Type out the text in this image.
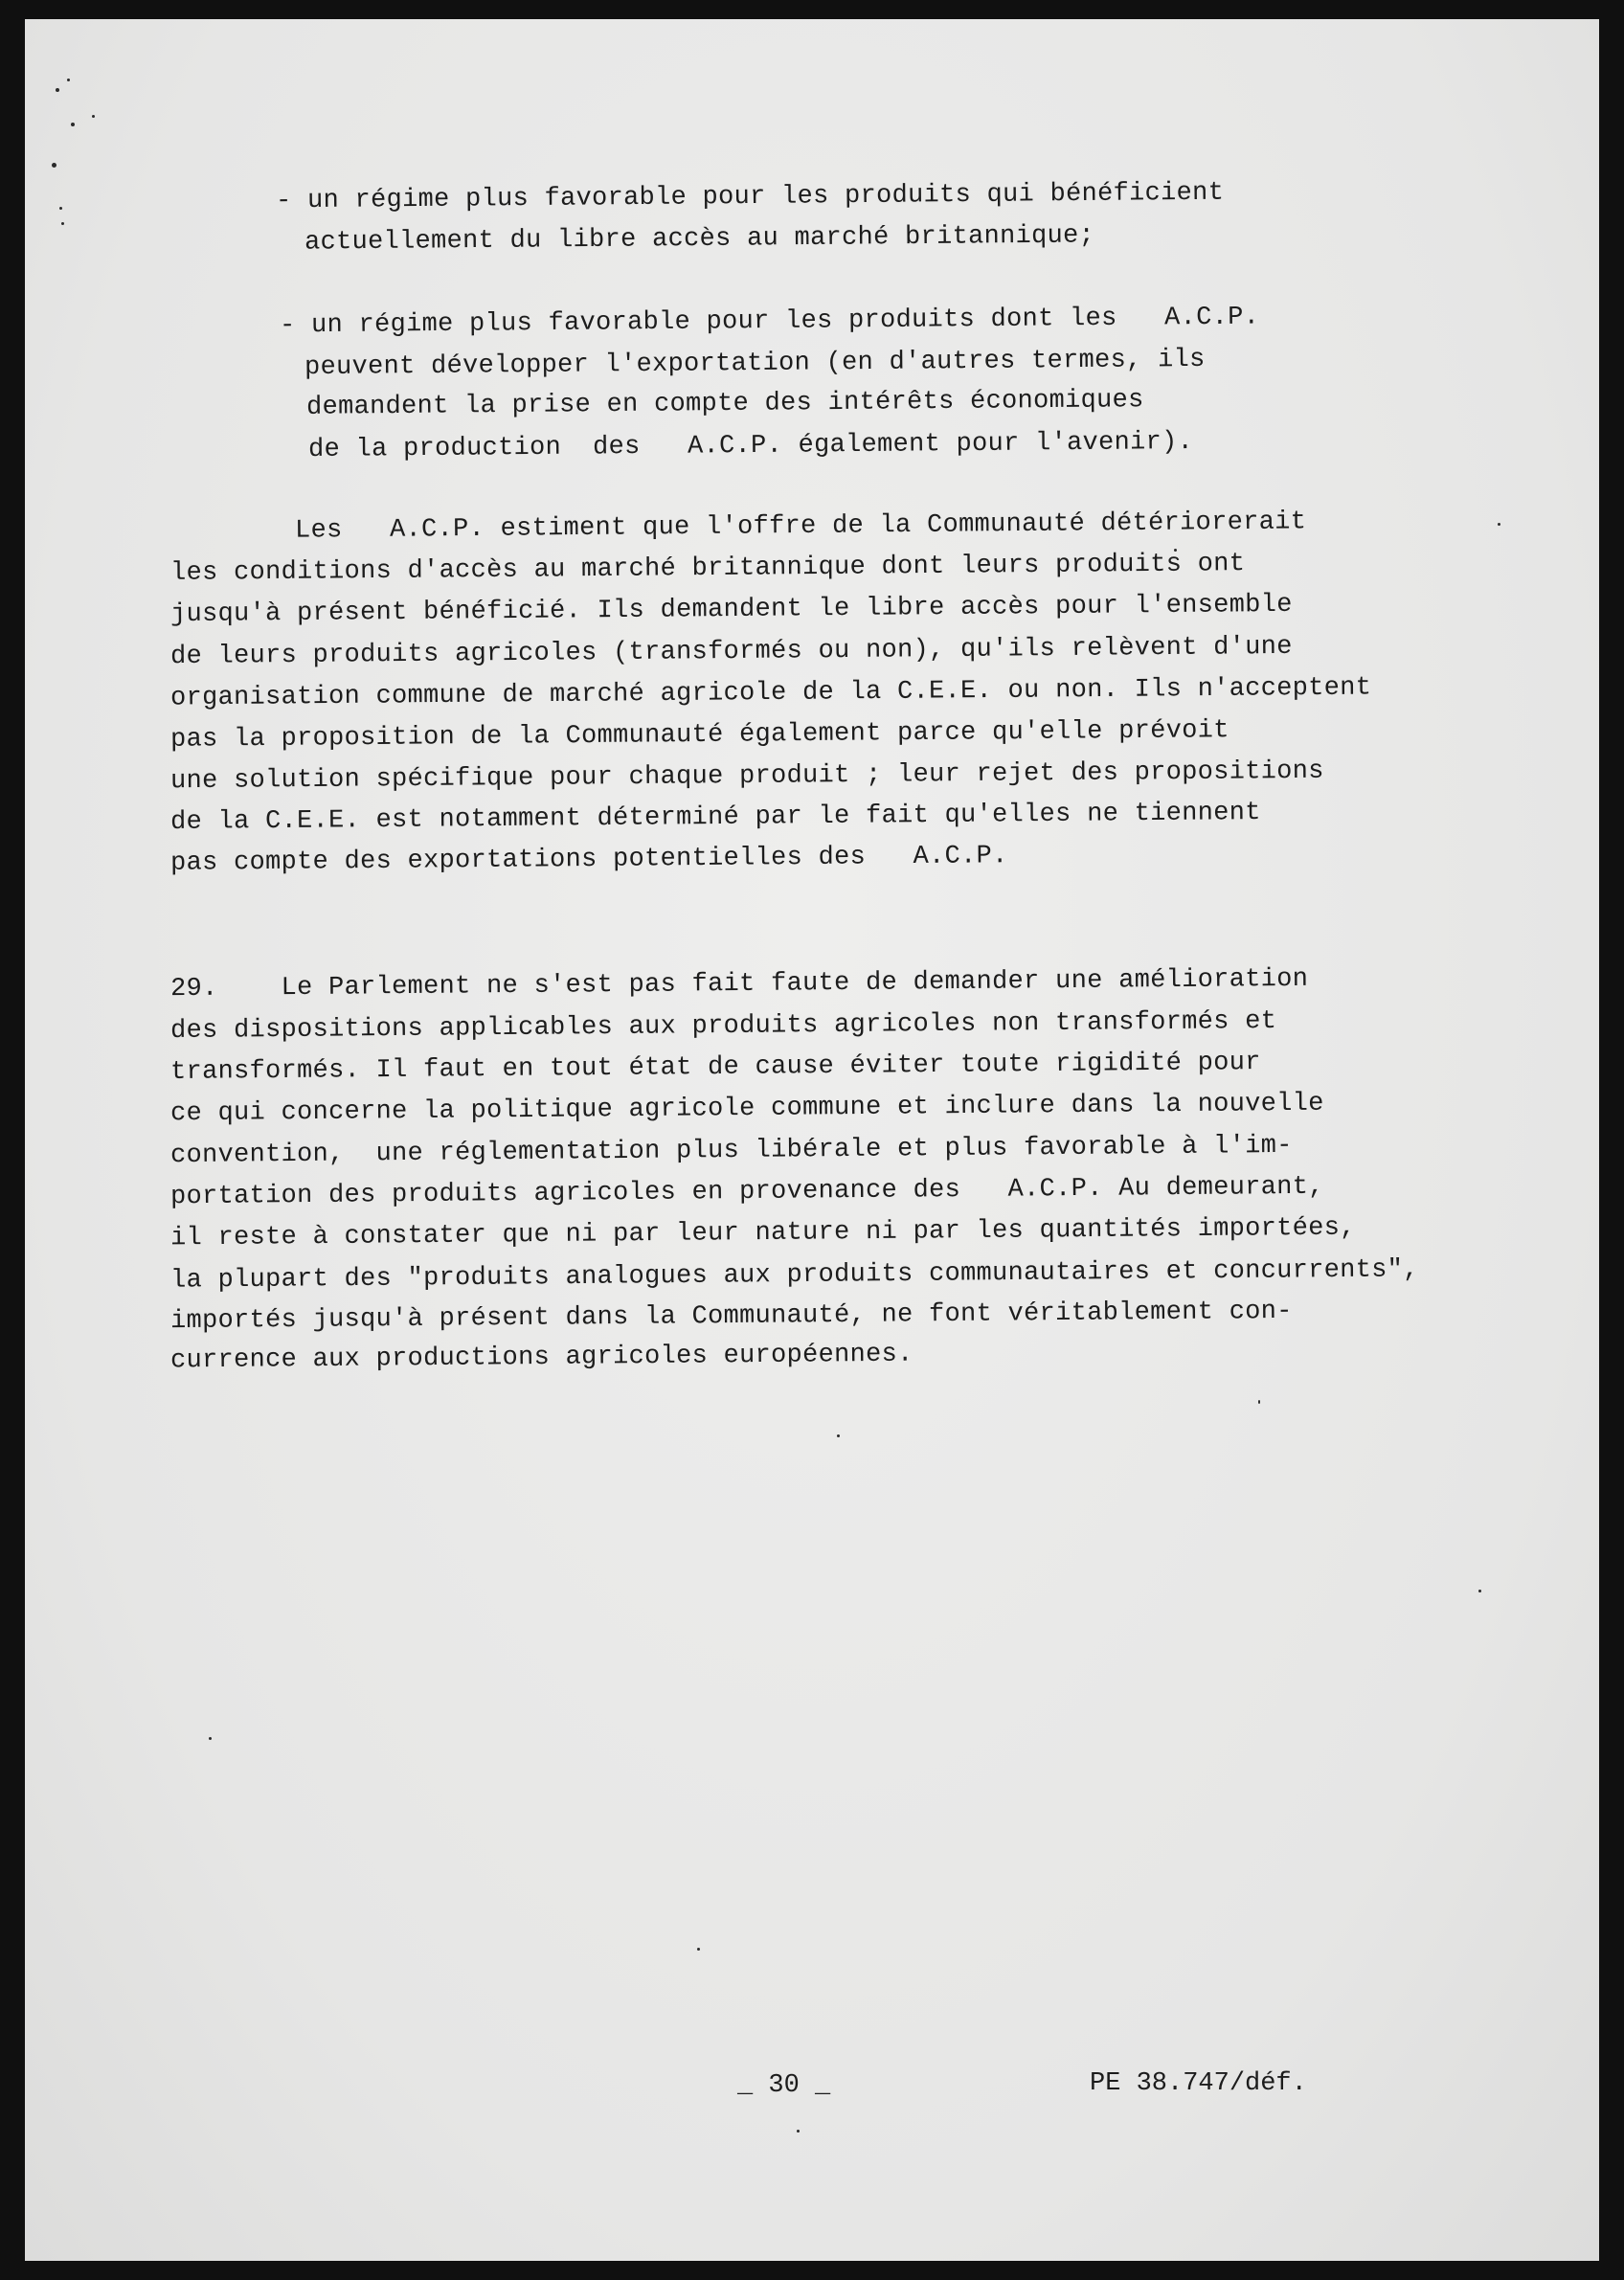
- un régime plus favorable pour les produits qui bénéficient
actuellement du libre accès au marché britannique;
- un régime plus favorable pour les produits dont les   A.C.P.
peuvent développer l'exportation (en d'autres termes, ils
demandent la prise en compte des intérêts économiques
de la production  des   A.C.P. également pour l'avenir).
Les   A.C.P. estiment que l'offre de la Communauté détériorerait
les conditions d'accès au marché britannique dont leurs produits ont
jusqu'à présent bénéficié. Ils demandent le libre accès pour l'ensemble
de leurs produits agricoles (transformés ou non), qu'ils relèvent d'une
organisation commune de marché agricole de la C.E.E. ou non. Ils n'acceptent
pas la proposition de la Communauté également parce qu'elle prévoit
une solution spécifique pour chaque produit ; leur rejet des propositions
de la C.E.E. est notamment déterminé par le fait qu'elles ne tiennent
pas compte des exportations potentielles des   A.C.P.
29.    Le Parlement ne s'est pas fait faute de demander une amélioration
des dispositions applicables aux produits agricoles non transformés et
transformés. Il faut en tout état de cause éviter toute rigidité pour
ce qui concerne la politique agricole commune et inclure dans la nouvelle
convention,  une réglementation plus libérale et plus favorable à l'im-
portation des produits agricoles en provenance des   A.C.P. Au demeurant,
il reste à constater que ni par leur nature ni par les quantités importées,
la plupart des "produits analogues aux produits communautaires et concurrents",
importés jusqu'à présent dans la Communauté, ne font véritablement con-
currence aux productions agricoles européennes.
_ 30 _	PE 38.747/déf.
